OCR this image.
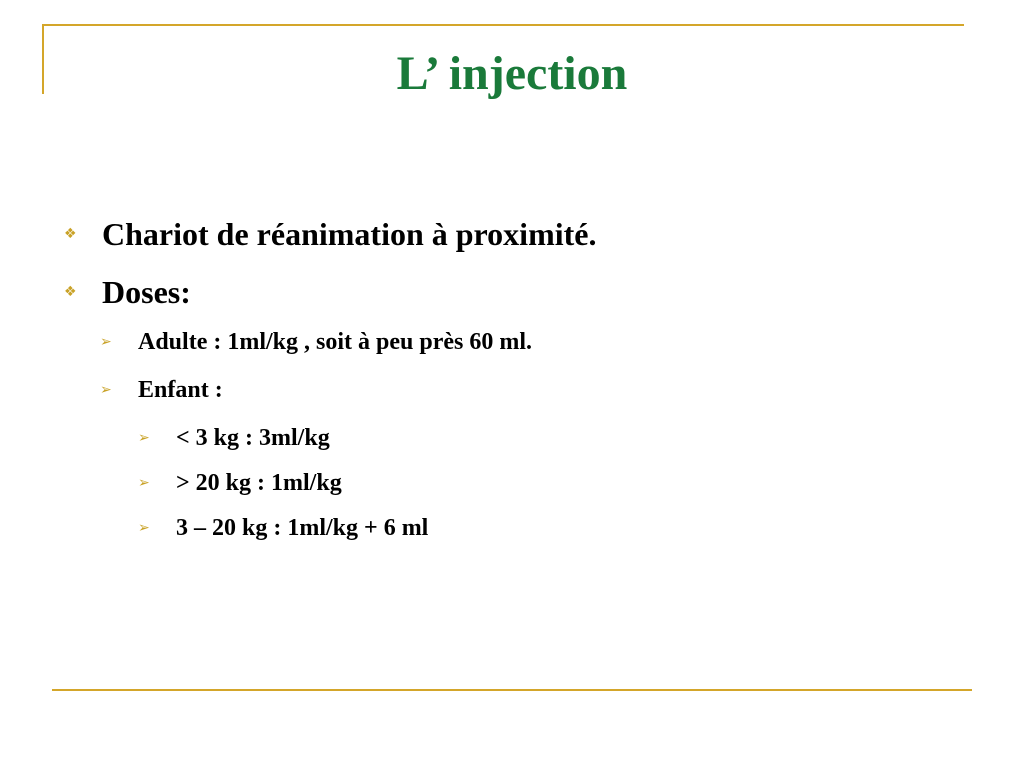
L’ injection
❖ Chariot de réanimation à proximité.
❖ Doses:
➢	Adulte : 1ml/kg , soit à peu près 60 ml.
➢	Enfant :
➢	< 3 kg : 3ml/kg
➢	> 20 kg : 1ml/kg
➢	3 – 20 kg : 1ml/kg + 6 ml
